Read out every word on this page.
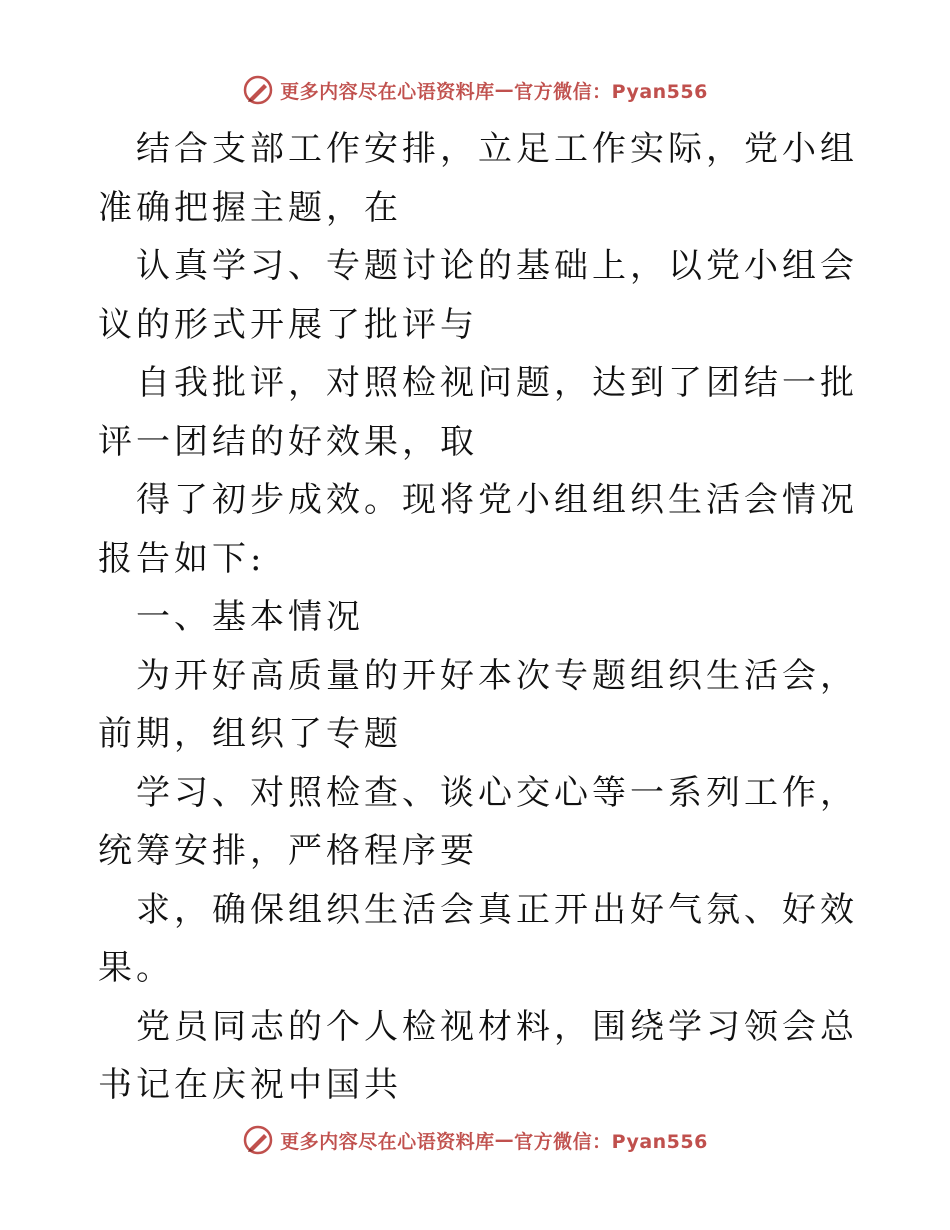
更多内容尽在心语资料库 — 官方微信：Pyan556

结合支部工作安排，立足工作实际，党小组准确把握主题，在

认真学习、专题讨论的基础上，以党小组会议的形式开展了批评与

自我批评，对照检视问题，达到了团结一批评一团结的好效果，取

得了初步成效。现将党小组组织生活会情况报告如下:

一、基本情况

为开好高质量的开好本次专题组织生活会，前期，组织了专题

学习、对照检查、谈心交心等一系列工作，统筹安排，严格程序要

求，确保组织生活会真正开出好气氛、好效果。

党员同志的个人检视材料，围绕学习领会总书记在庆祝中国共

更多内容尽在心语资料库 — 官方微信：Pyan556
